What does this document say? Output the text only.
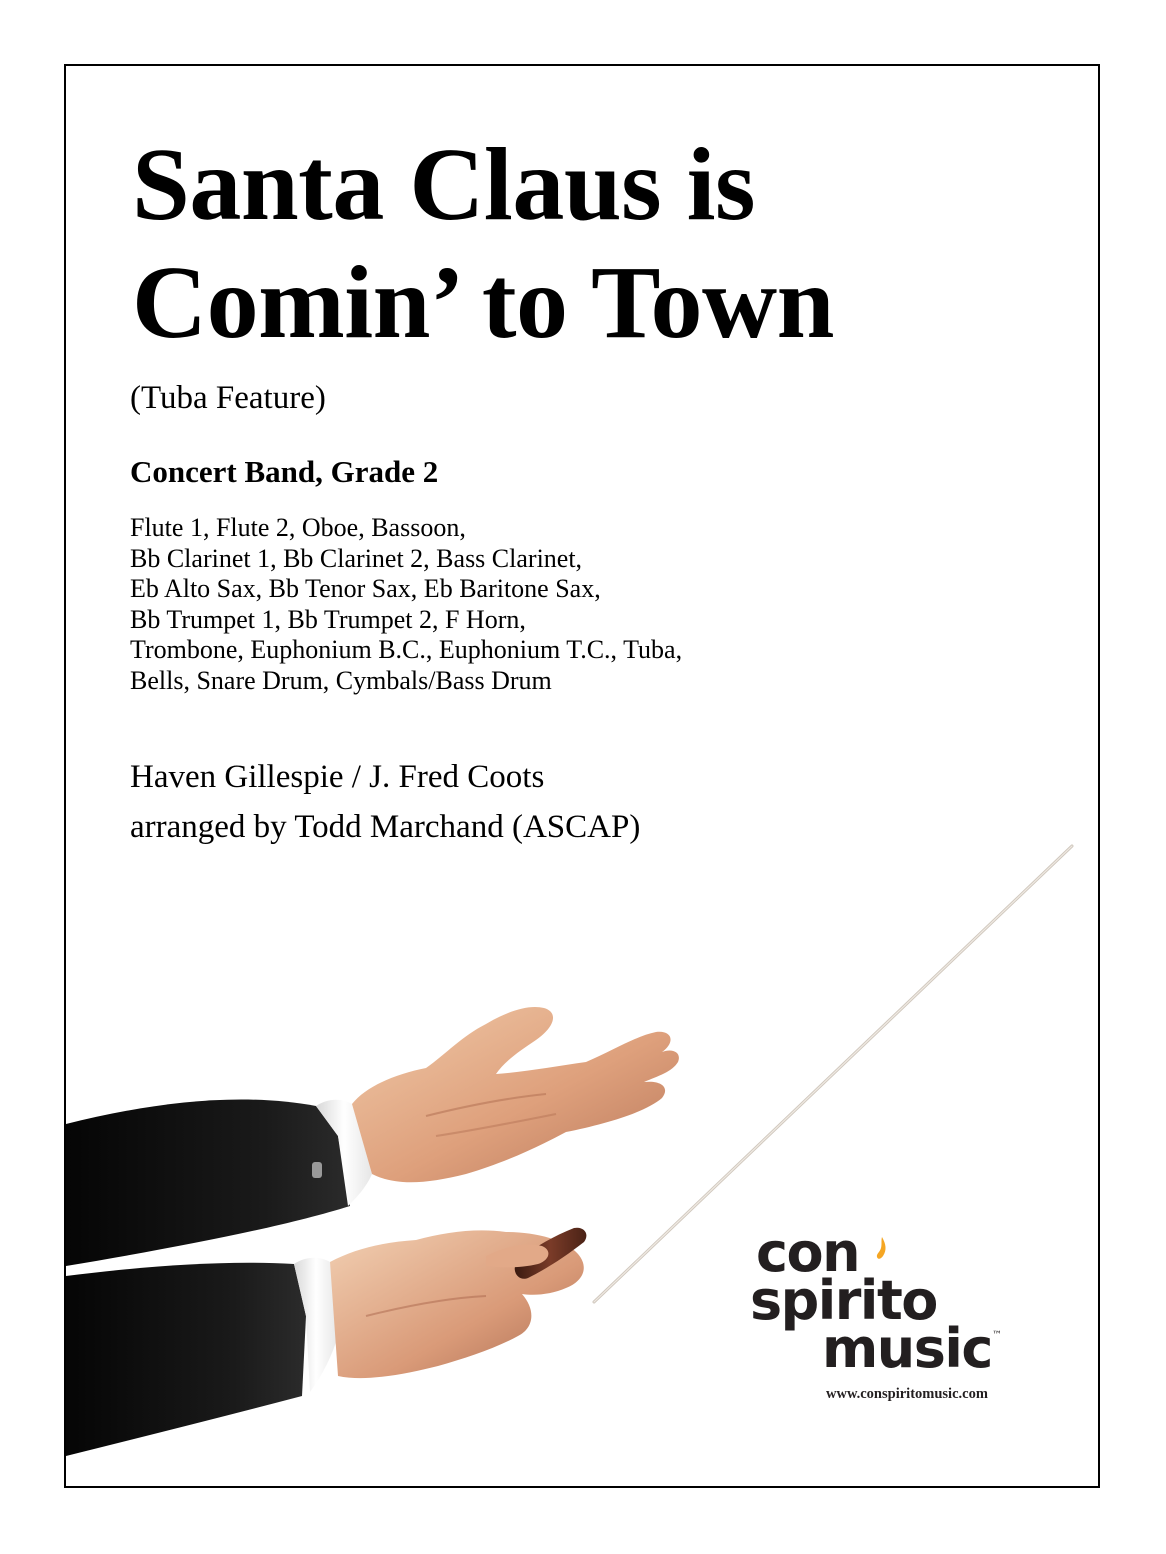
Santa Claus is
Comin’ to Town
(Tuba Feature)
Concert Band, Grade 2
Flute 1, Flute 2, Oboe, Bassoon,
Bb Clarinet 1, Bb Clarinet 2, Bass Clarinet,
Eb Alto Sax, Bb Tenor Sax, Eb Baritone Sax,
Bb Trumpet 1, Bb Trumpet 2, F Horn,
Trombone, Euphonium B.C., Euphonium T.C., Tuba,
Bells, Snare Drum, Cymbals/Bass Drum
Haven Gillespie / J. Fred Coots
arranged by Todd Marchand (ASCAP)
con
spirito
music ™
www.conspiritomusic.com
